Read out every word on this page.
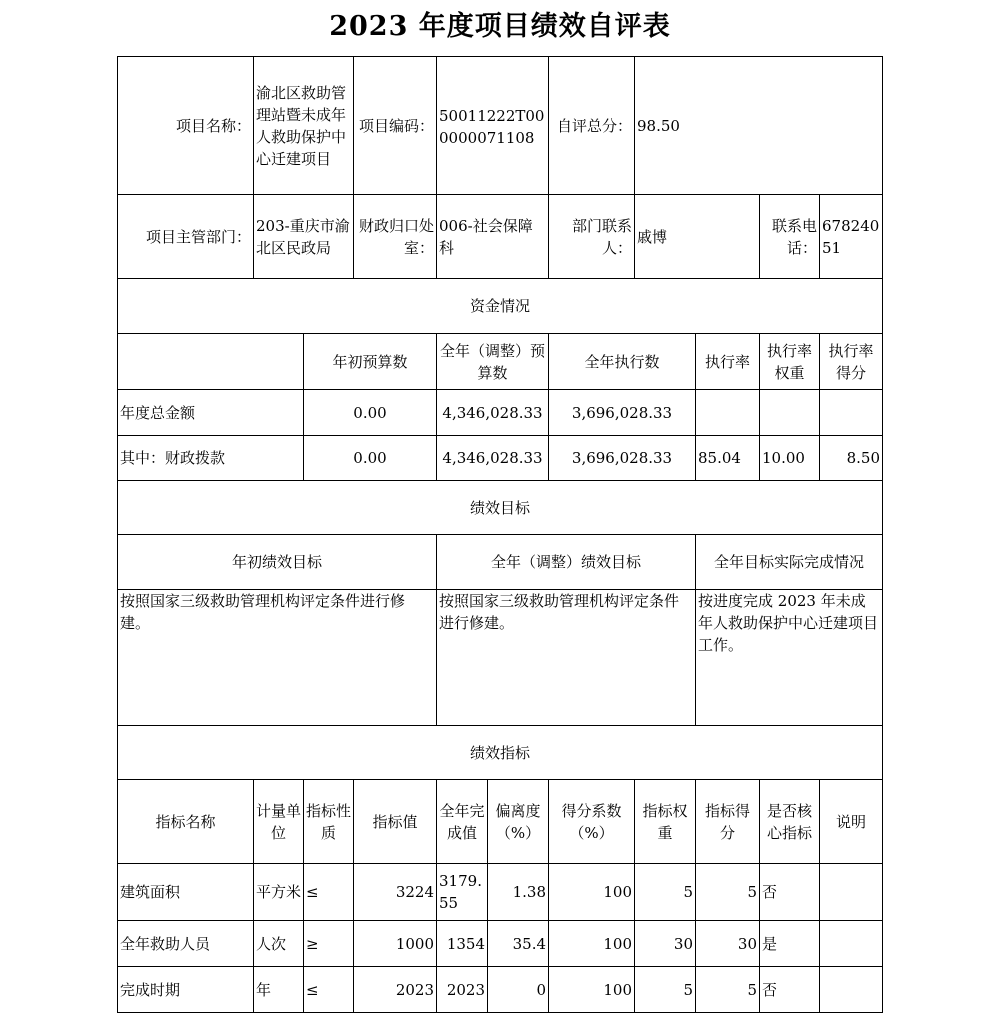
2023 年度项目绩效自评表
项目名称：	渝北区救助管理站暨未成年人救助保护中心迁建项目		项目编码：	50011222T000000071108		自评总分：	98.50			
项目主管部门：	203-重庆市渝北区民政局		财政归口处室：	006-社会保障科		部门联系人：	戚博		联系电话：	67824051
资金情况										
		年初预算数		全年（调整）预算数		全年执行数		执行率	执行率权重	执行率得分
年度总金额		0.00		4,346,028.33		3,696,028.33				
其中：财政拨款		0.00		4,346,028.33		3,696,028.33		85.04	10.00	8.50
绩效目标										
年初绩效目标				全年（调整）绩效目标				全年目标实际完成情况		
按照国家三级救助管理机构评定条件进行修建。				按照国家三级救助管理机构评定条件进行修建。				按进度完成 2023 年未成年人救助保护中心迁建项目工作。		
绩效指标										
指标名称	计量单位	指标性质	指标值	全年完成值	偏离度（%）	得分系数（%）	指标权重	指标得分	是否核心指标	说明
建筑面积	平方米	≤	3224	3179.55	1.38	100	5	5	否	
全年救助人员	人次	≥	1000	1354	35.4	100	30	30	是	
完成时期	年	≤	2023	2023	0	100	5	5	否	
